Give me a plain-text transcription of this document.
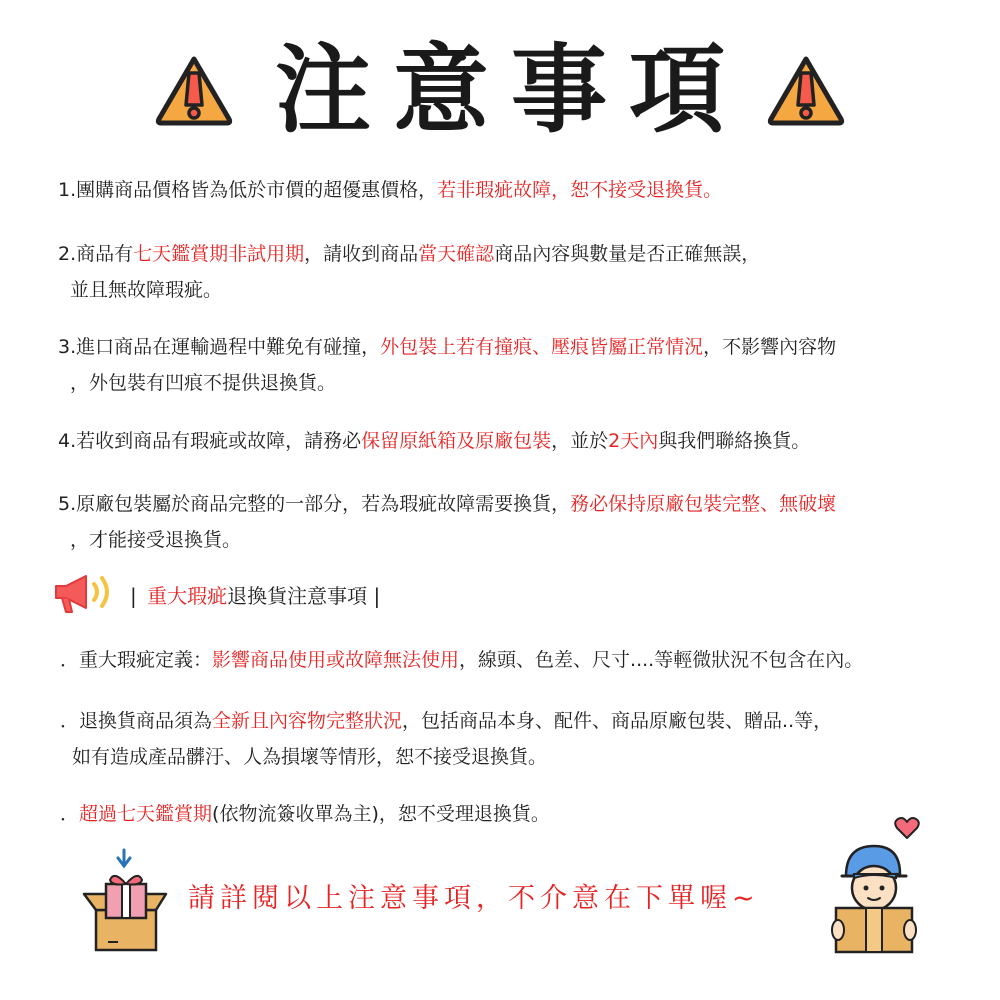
注意事項
1.團購商品價格皆為低於市價的超優惠價格，若非瑕疵故障，恕不接受退換貨。
2.商品有七天鑑賞期非試用期，請收到商品當天確認商品內容與數量是否正確無誤，
並且無故障瑕疵。
3.進口商品在運輸過程中難免有碰撞，外包裝上若有撞痕、壓痕皆屬正常情況，不影響內容物
，外包裝有凹痕不提供退換貨。
4.若收到商品有瑕疵或故障，請務必保留原紙箱及原廠包裝，並於2天內與我們聯絡換貨。
5.原廠包裝屬於商品完整的一部分，若為瑕疵故障需要換貨，務必保持原廠包裝完整、無破壞
，才能接受退換貨。
| 重大瑕疵退換貨注意事項 |
．重大瑕疵定義：影響商品使用或故障無法使用，線頭、色差、尺寸....等輕微狀況不包含在內。
．退換貨商品須為全新且內容物完整狀況，包括商品本身、配件、商品原廠包裝、贈品..等，
如有造成產品髒汙、人為損壞等情形，恕不接受退換貨。
．超過七天鑑賞期(依物流簽收單為主)，恕不受理退換貨。
請詳閱以上注意事項，不介意在下單喔~
